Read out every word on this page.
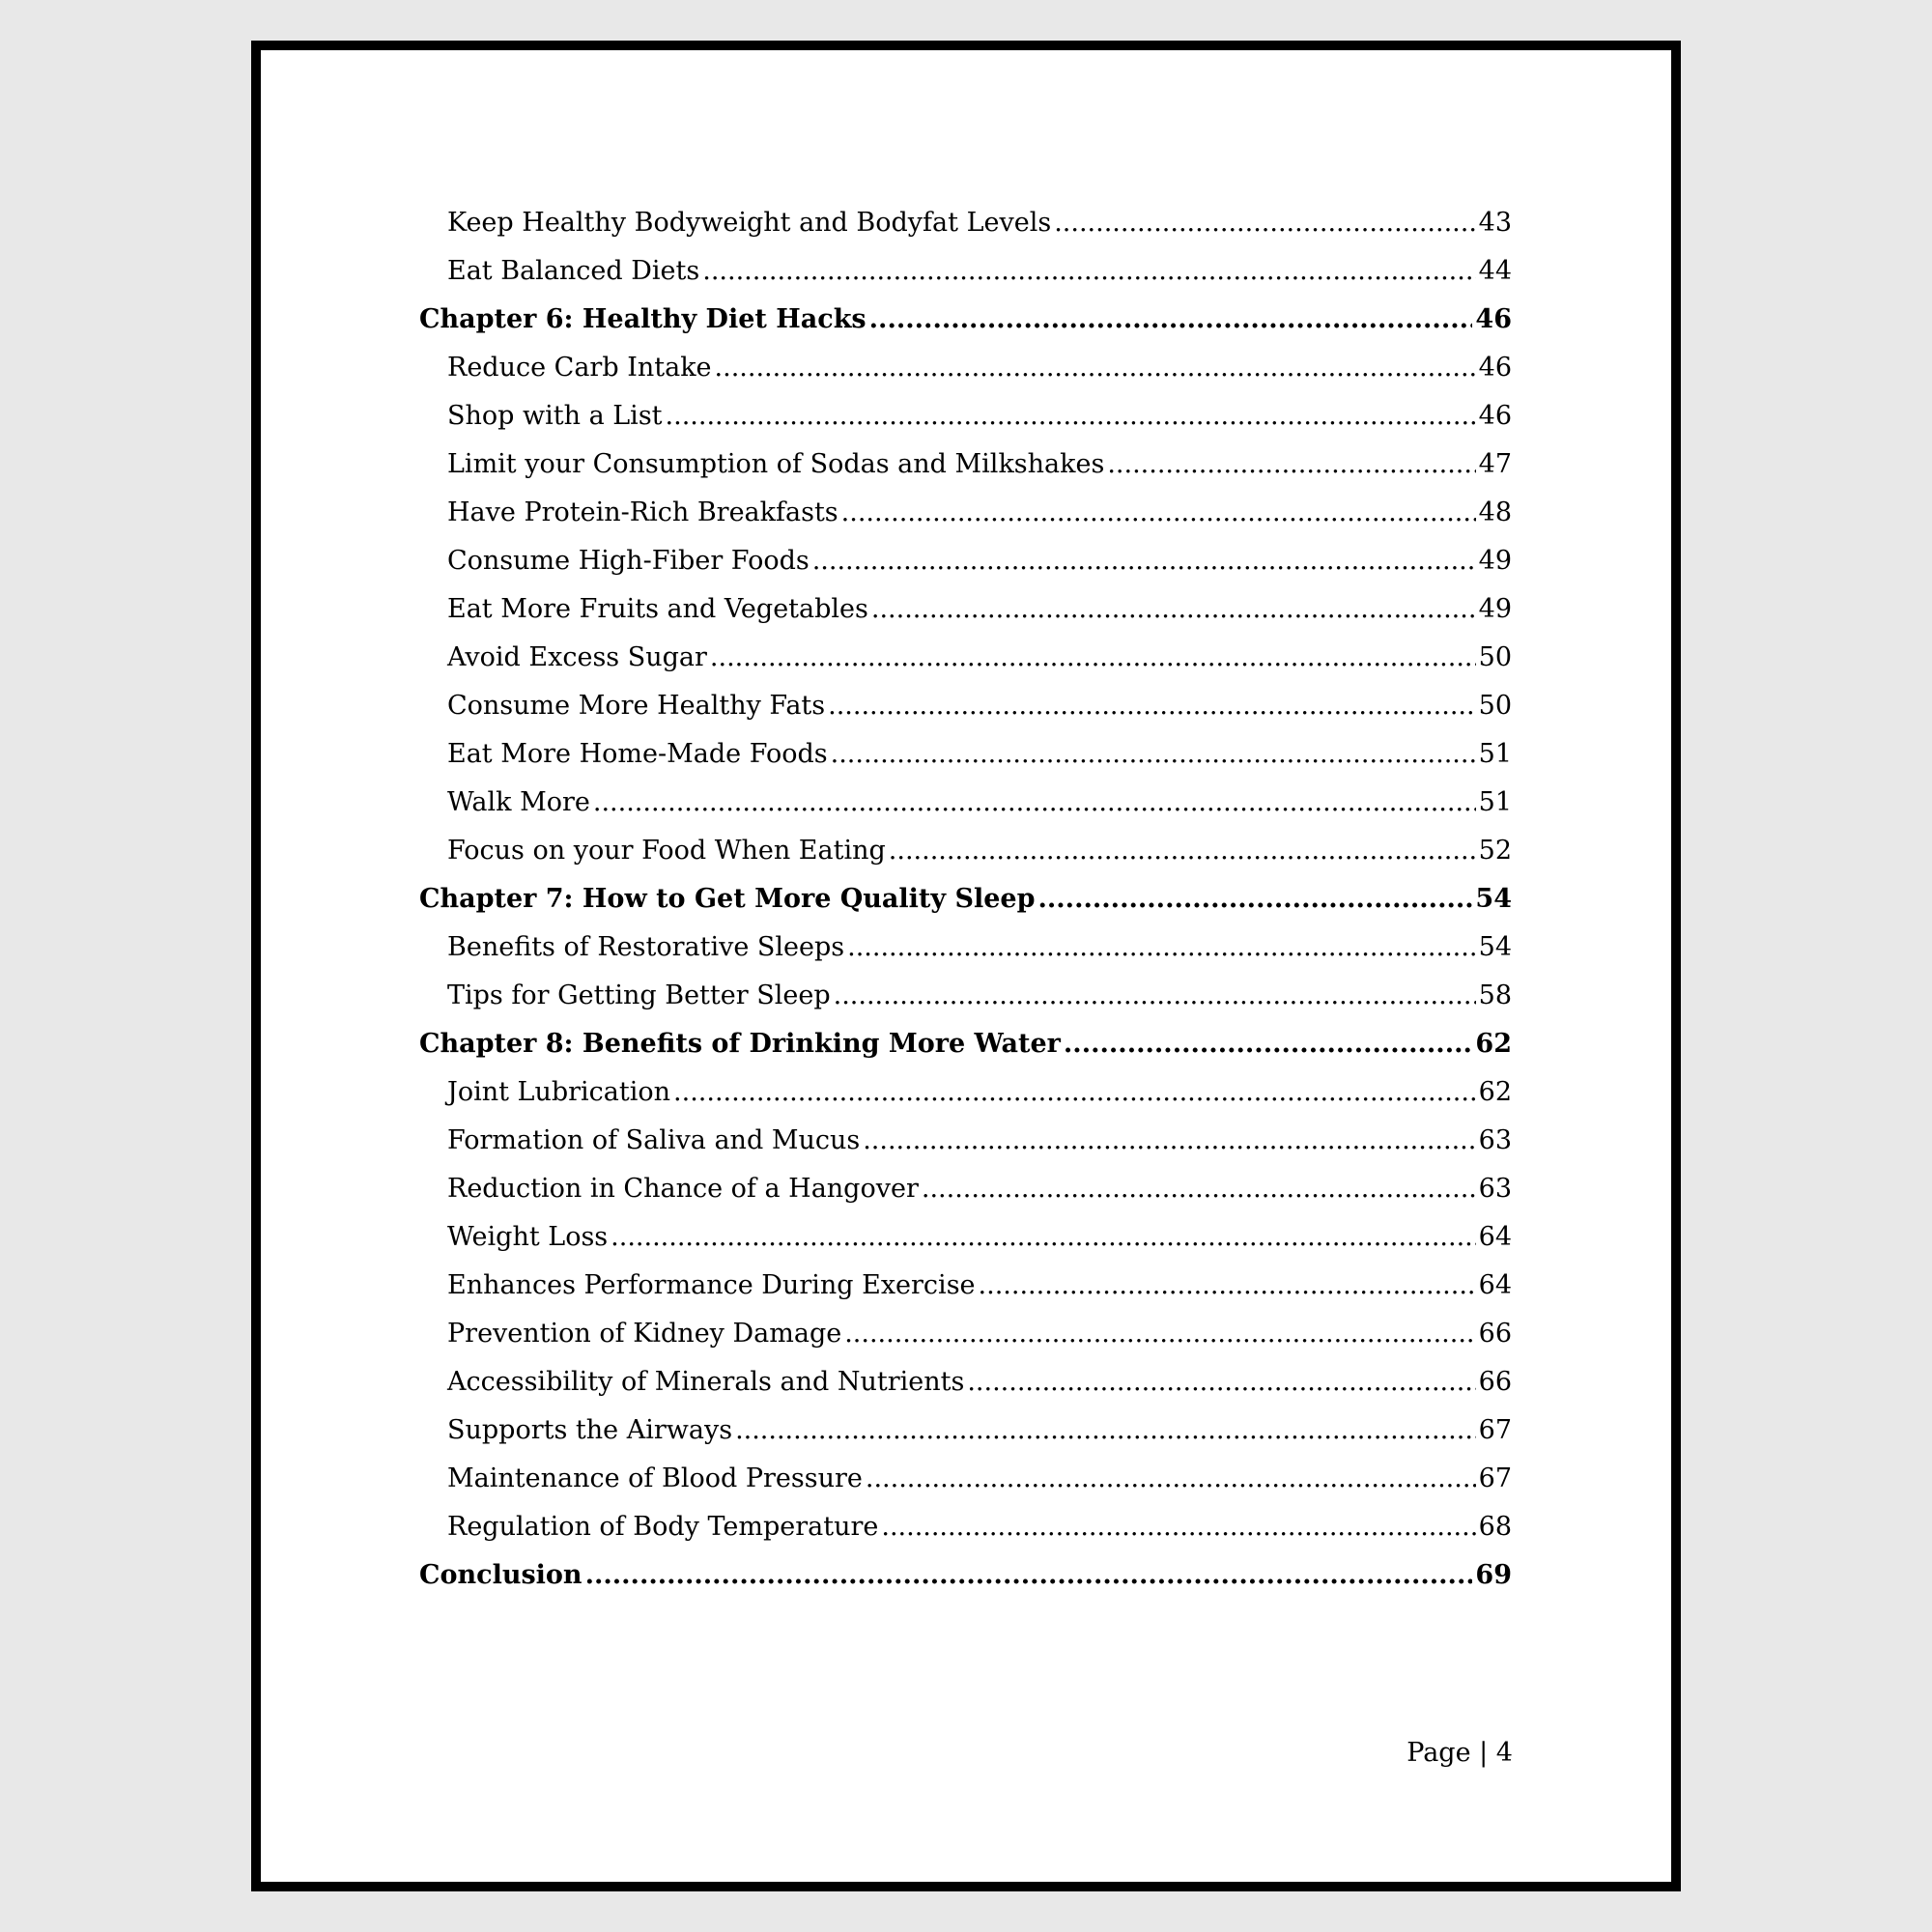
Keep Healthy Bodyweight and Bodyfat Levels .....	43
Eat Balanced Diets .....	44
Chapter 6: Healthy Diet Hacks .....	46
Reduce Carb Intake .....	46
Shop with a List .....	46
Limit your Consumption of Sodas and Milkshakes .....	47
Have Protein-Rich Breakfasts .....	48
Consume High-Fiber Foods .....	49
Eat More Fruits and Vegetables .....	49
Avoid Excess Sugar .....	50
Consume More Healthy Fats .....	50
Eat More Home-Made Foods .....	51
Walk More .....	51
Focus on your Food When Eating .....	52
Chapter 7: How to Get More Quality Sleep .....	54
Benefits of Restorative Sleeps .....	54
Tips for Getting Better Sleep .....	58
Chapter 8: Benefits of Drinking More Water .....	62
Joint Lubrication .....	62
Formation of Saliva and Mucus .....	63
Reduction in Chance of a Hangover .....	63
Weight Loss .....	64
Enhances Performance During Exercise .....	64
Prevention of Kidney Damage .....	66
Accessibility of Minerals and Nutrients .....	66
Supports the Airways .....	67
Maintenance of Blood Pressure .....	67
Regulation of Body Temperature .....	68
Conclusion .....	69
Page | 4
